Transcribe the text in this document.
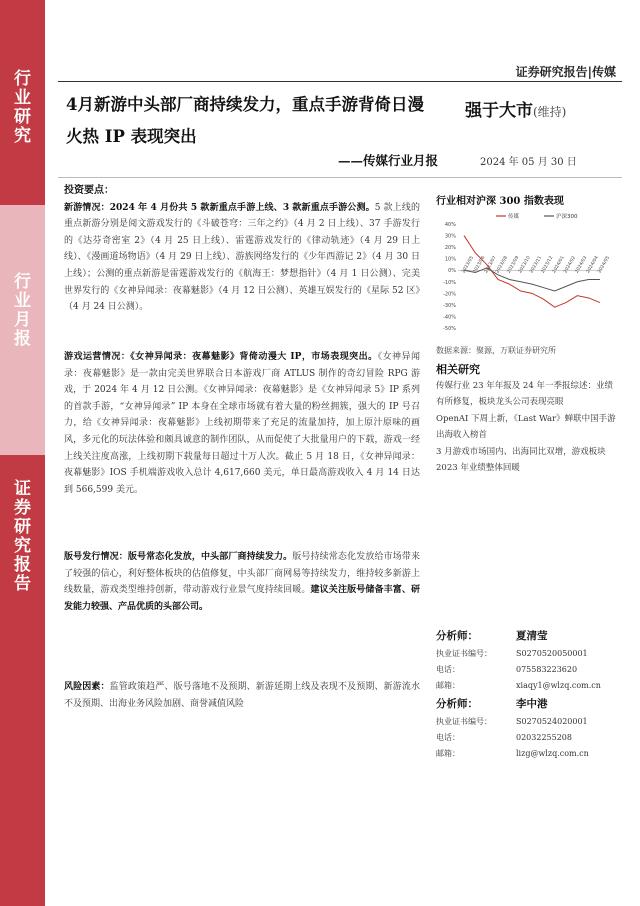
行业研究
行业月报
证券研究报告
证券研究报告|传媒
4月新游中头部厂商持续发力，重点手游背倚日漫火热 IP 表现突出
——传媒行业月报
强于大市(维持)
2024 年 05 月 30 日

投资要点：

新游情况：2024 年 4 月份共 5 款新重点手游上线、3 款新重点手游公测。5 款上线的重点新游分别是阅文游戏发行的《斗破苍穹：三年之约》（4 月 2 日上线）、37 手游发行的《达芬奇密室 2》（4 月 25 日上线）、雷霆游戏发行的《律动轨迹》（4 月 29 日上线）、《漫画道场物语》（4 月 29 日上线）、游族网络发行的《少年西游记 2》（4 月 30 日上线）；公测的重点新游是雷霆游戏发行的《航海王：梦想指针》（4 月 1 日公测）、完美世界发行的《女神异闻录：夜幕魅影》（4 月 12 日公测）、英雄互娱发行的《星际 52 区》（4 月 24 日公测）。

游戏运营情况：《女神异闻录：夜幕魅影》背倚动漫大 IP，市场表现突出。《女神异闻录：夜幕魅影》是一款由完美世界联合日本游戏厂商 ATLUS 制作的奇幻冒险 RPG 游戏，于 2024 年 4 月 12 日公测。《女神异闻录：夜幕魅影》是《女神异闻录 5》IP 系列的首款手游，“女神异闻录” IP 本身在全球市场就有着大量的粉丝拥簇，强大的 IP 号召力，给《女神异闻录：夜幕魅影》上线初期带来了充足的流量加持，加上原汁原味的画风，多元化的玩法体验和颇具诚意的制作团队，从而促使了大批量用户的下载，游戏一经上线关注度高涨，上线初期下载量每日超过十万人次。截止 5 月 18 日，《女神异闻录：夜幕魅影》IOS 手机端游戏收入总计 4,617,660 美元，单日最高游戏收入 4 月 14 日达到 566,599 美元。

版号发行情况：版号常态化发放，中头部厂商持续发力。版号持续常态化发放给市场带来了较强的信心，利好整体板块的估值修复，中头部厂商网易等持续发力，维持较多新游上线数量，游戏类型维持创新，带动游戏行业景气度持续回暖。建议关注版号储备丰富、研发能力较强、产品优质的头部公司。

风险因素：监管政策趋严、版号落地不及预期、新游延期上线及表现不及预期、新游流水不及预期、出海业务风险加剧、商誉减值风险

行业相对沪深 300 指数表现
40%
30%
20%
10%
0%
-10%
-20%
-30%
-40%
-50%
2023/05
2023/06
2023/07
2023/08
2023/09
2023/10
2023/11
2023/12
2024/01
2024/02
2024/03
2024/04
2024/05
传媒	沪深300
数据来源：聚源，万联证券研究所
相关研究
传媒行业 23 年年报及 24 年一季报综述：业绩有所修复，板块龙头公司表现亮眼
OpenAI 下周上新，《Last War》蝉联中国手游出海收入榜首
3 月游戏市场国内、出海同比双增，游戏板块 2023 年业绩整体回暖
分析师：	夏清莹
执业证书编号：	S0270520050001
电话：	075583223620
邮箱：	xiaqy1@wlzq.com.cn
分析师：	李中港
执业证书编号：	S0270524020001
电话：	02032255208
邮箱：	lizg@wlzq.com.cn
